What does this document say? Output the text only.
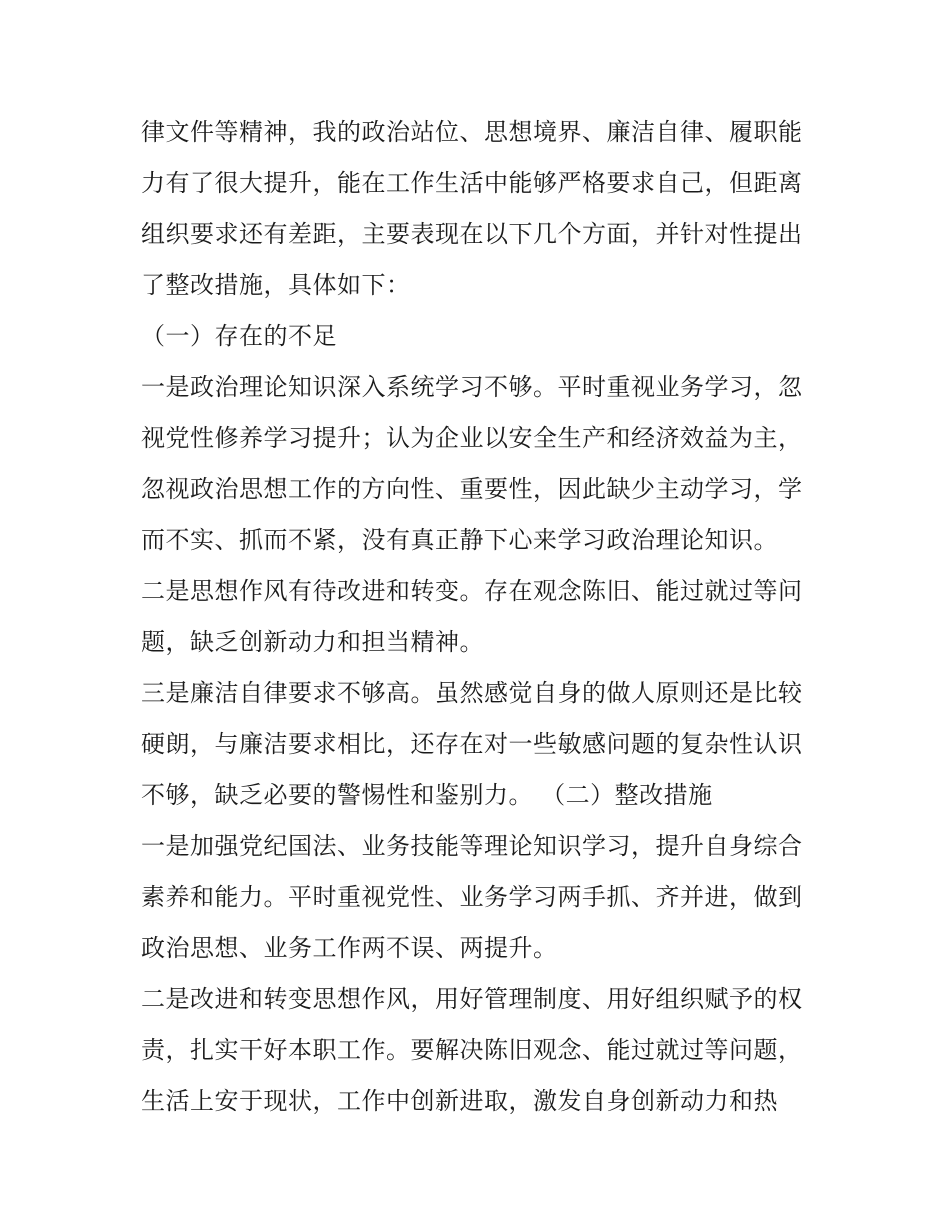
律文件等精神，我的政治站位、思想境界、廉洁自律、履职能
力有了很大提升，能在工作生活中能够严格要求自己，但距离
组织要求还有差距，主要表现在以下几个方面，并针对性提出
了整改措施，具体如下：
（一）存在的不足
一是政治理论知识深入系统学习不够。平时重视业务学习，忽
视党性修养学习提升；认为企业以安全生产和经济效益为主，
忽视政治思想工作的方向性、重要性，因此缺少主动学习，学
而不实、抓而不紧，没有真正静下心来学习政治理论知识。
二是思想作风有待改进和转变。存在观念陈旧、能过就过等问
题，缺乏创新动力和担当精神。
三是廉洁自律要求不够高。虽然感觉自身的做人原则还是比较
硬朗，与廉洁要求相比，还存在对一些敏感问题的复杂性认识
不够，缺乏必要的警惕性和鉴别力。 （二）整改措施
一是加强党纪国法、业务技能等理论知识学习，提升自身综合
素养和能力。平时重视党性、业务学习两手抓、齐并进，做到
政治思想、业务工作两不误、两提升。
二是改进和转变思想作风，用好管理制度、用好组织赋予的权
责，扎实干好本职工作。要解决陈旧观念、能过就过等问题，
生活上安于现状，工作中创新进取，激发自身创新动力和热
